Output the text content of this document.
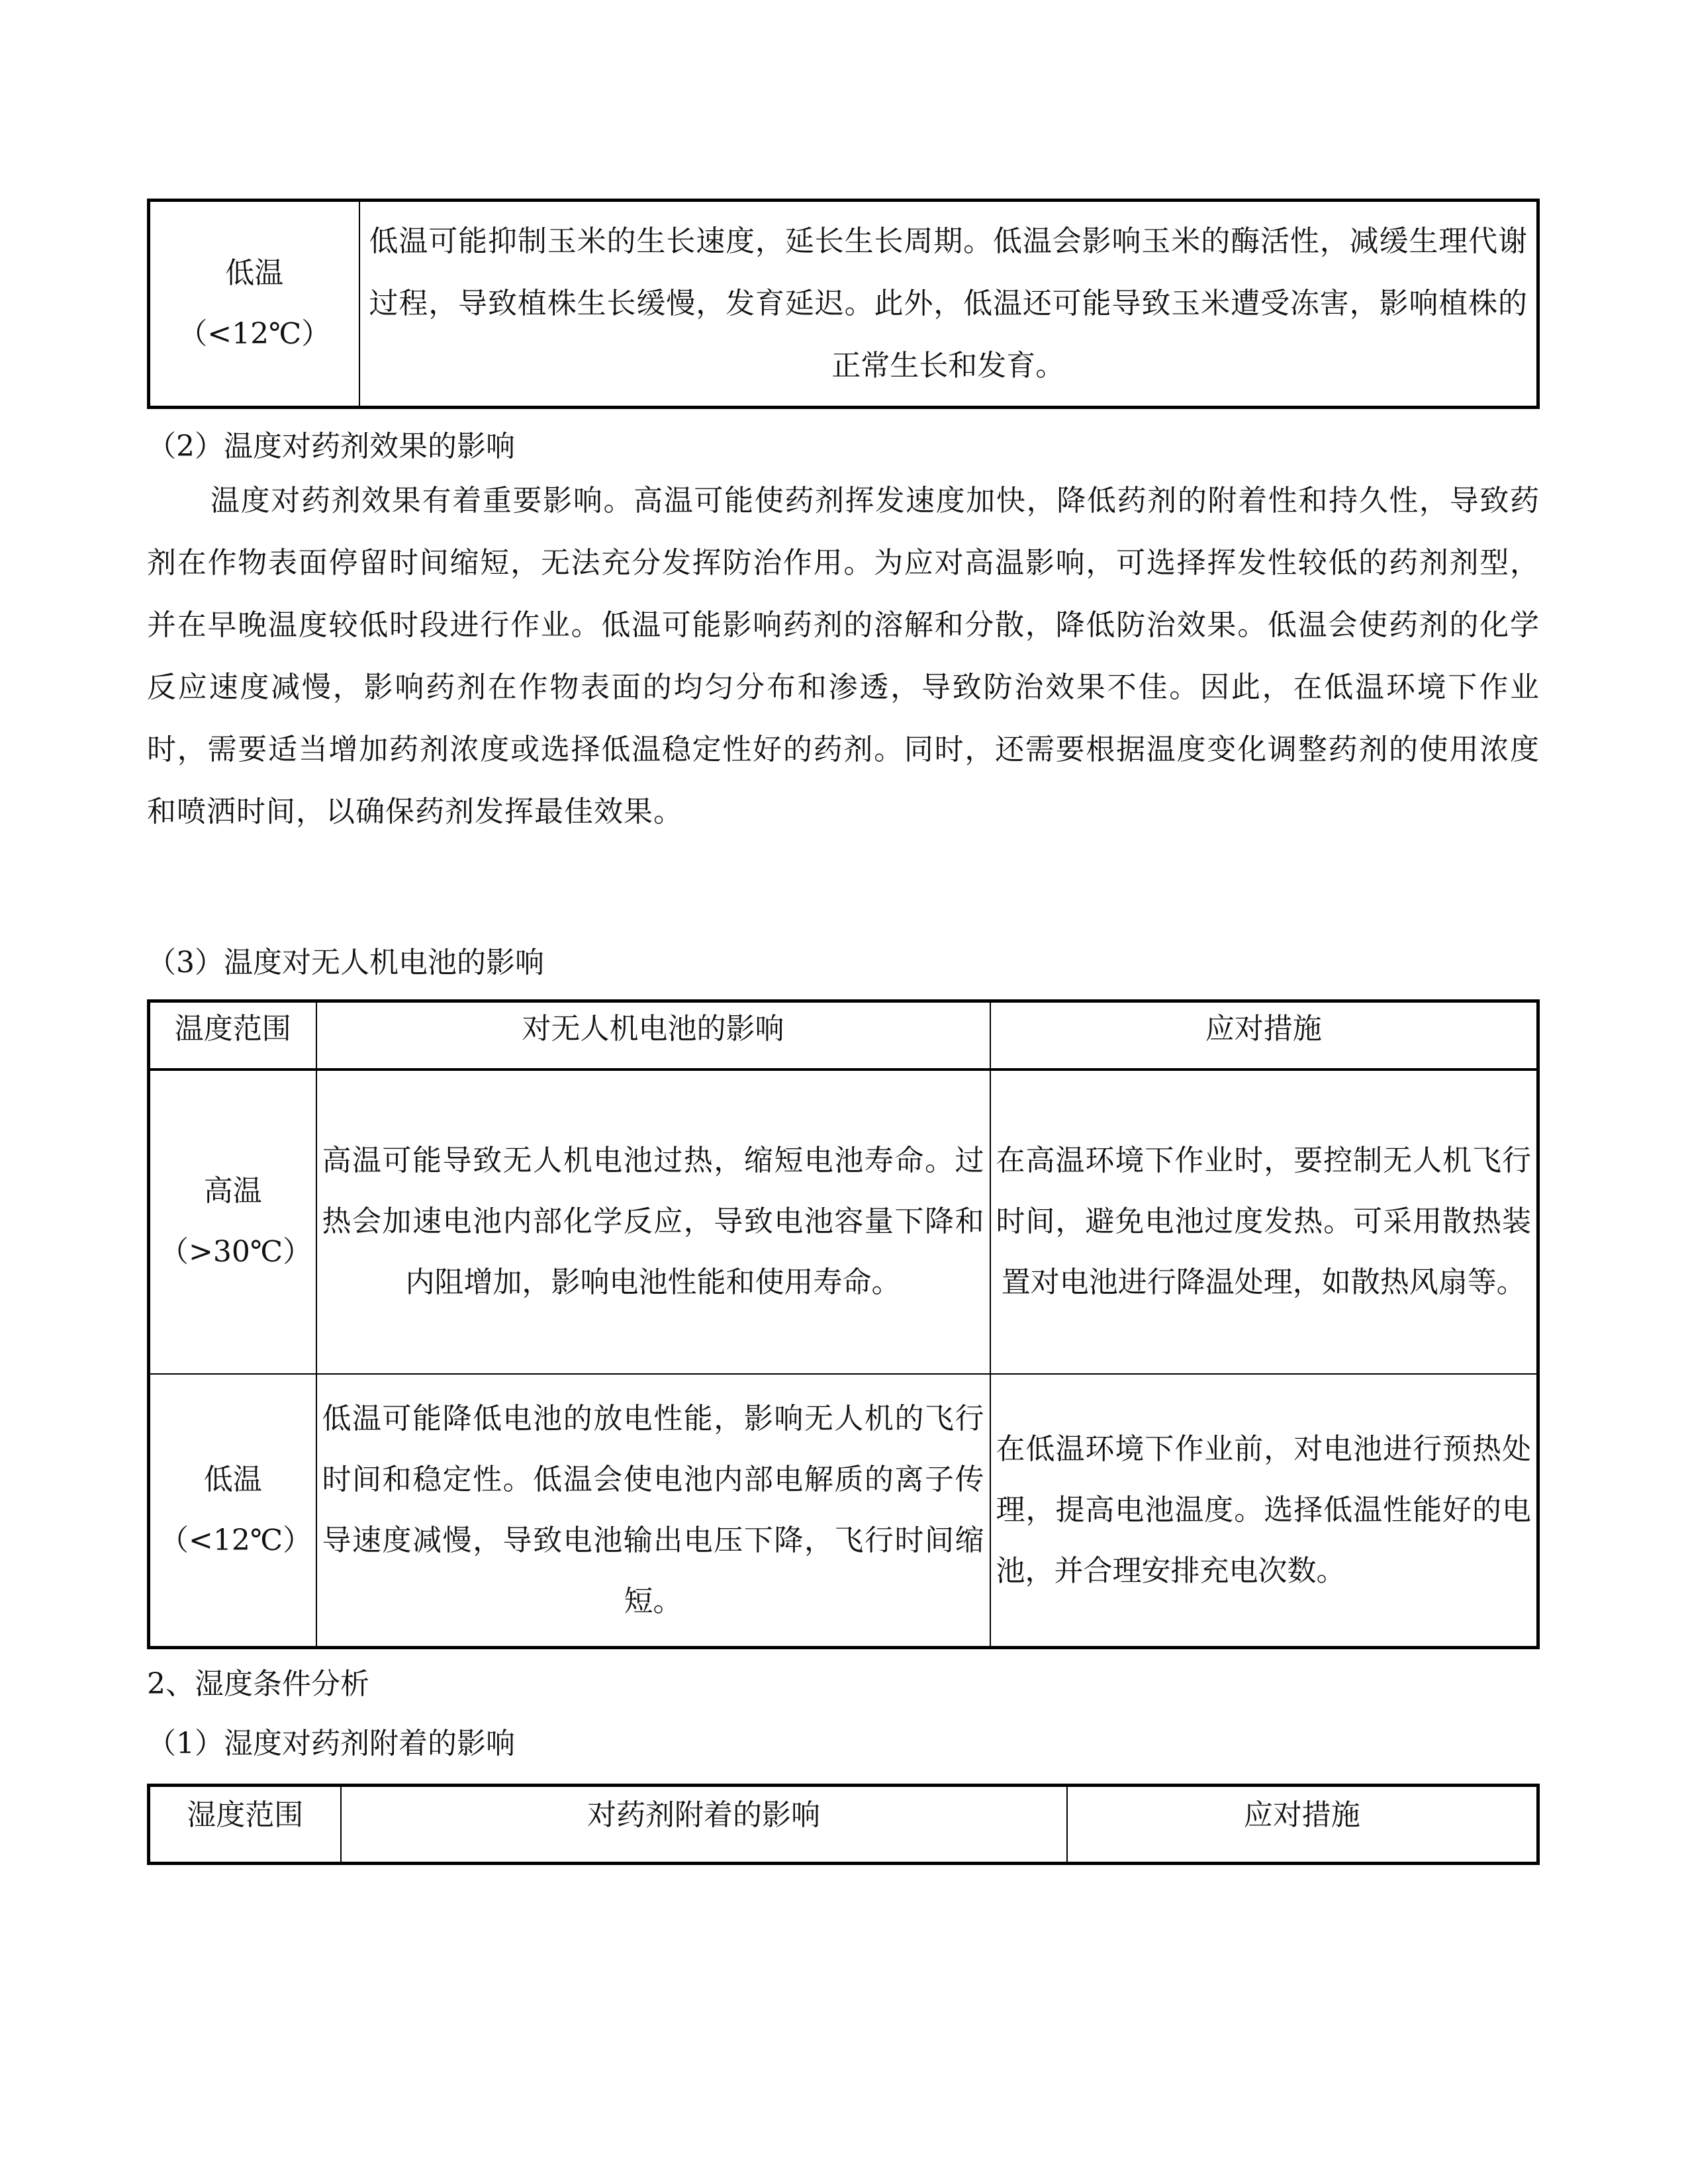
低温
（<12℃）
	低温可能抑制玉米的生长速度，延长生长周期。低温会影响玉米的酶活性，减缓生理代谢过程，导致植株生长缓慢，发育延迟。此外，低温还可能导致玉米遭受冻害，影响植株的正常生长和发育。
（2）温度对药剂效果的影响
温度对药剂效果有着重要影响。高温可能使药剂挥发速度加快，降低药剂的附着性和持久性，导致药剂在作物表面停留时间缩短，无法充分发挥防治作用。为应对高温影响，可选择挥发性较低的药剂剂型，并在早晚温度较低时段进行作业。低温可能影响药剂的溶解和分散，降低防治效果。低温会使药剂的化学反应速度减慢，影响药剂在作物表面的均匀分布和渗透，导致防治效果不佳。因此，在低温环境下作业时，需要适当增加药剂浓度或选择低温稳定性好的药剂。同时，还需要根据温度变化调整药剂的使用浓度和喷洒时间，以确保药剂发挥最佳效果。
（3）温度对无人机电池的影响
温度范围	对无人机电池的影响	应对措施

高温
（>30℃）	高温可能导致无人机电池过热，缩短电池寿命。过热会加速电池内部化学反应，导致电池容量下降和内阻增加，影响电池性能和使用寿命。	在高温环境下作业时，要控制无人机飞行时间，避免电池过度发热。可采用散热装置对电池进行降温处理，如散热风扇等。

低温
（<12℃）	低温可能降低电池的放电性能，影响无人机的飞行时间和稳定性。低温会使电池内部电解质的离子传导速度减慢，导致电池输出电压下降，飞行时间缩短。	在低温环境下作业前，对电池进行预热处理，提高电池温度。选择低温性能好的电池，并合理安排充电次数。
2、湿度条件分析
（1）湿度对药剂附着的影响
湿度范围	对药剂附着的影响	应对措施
